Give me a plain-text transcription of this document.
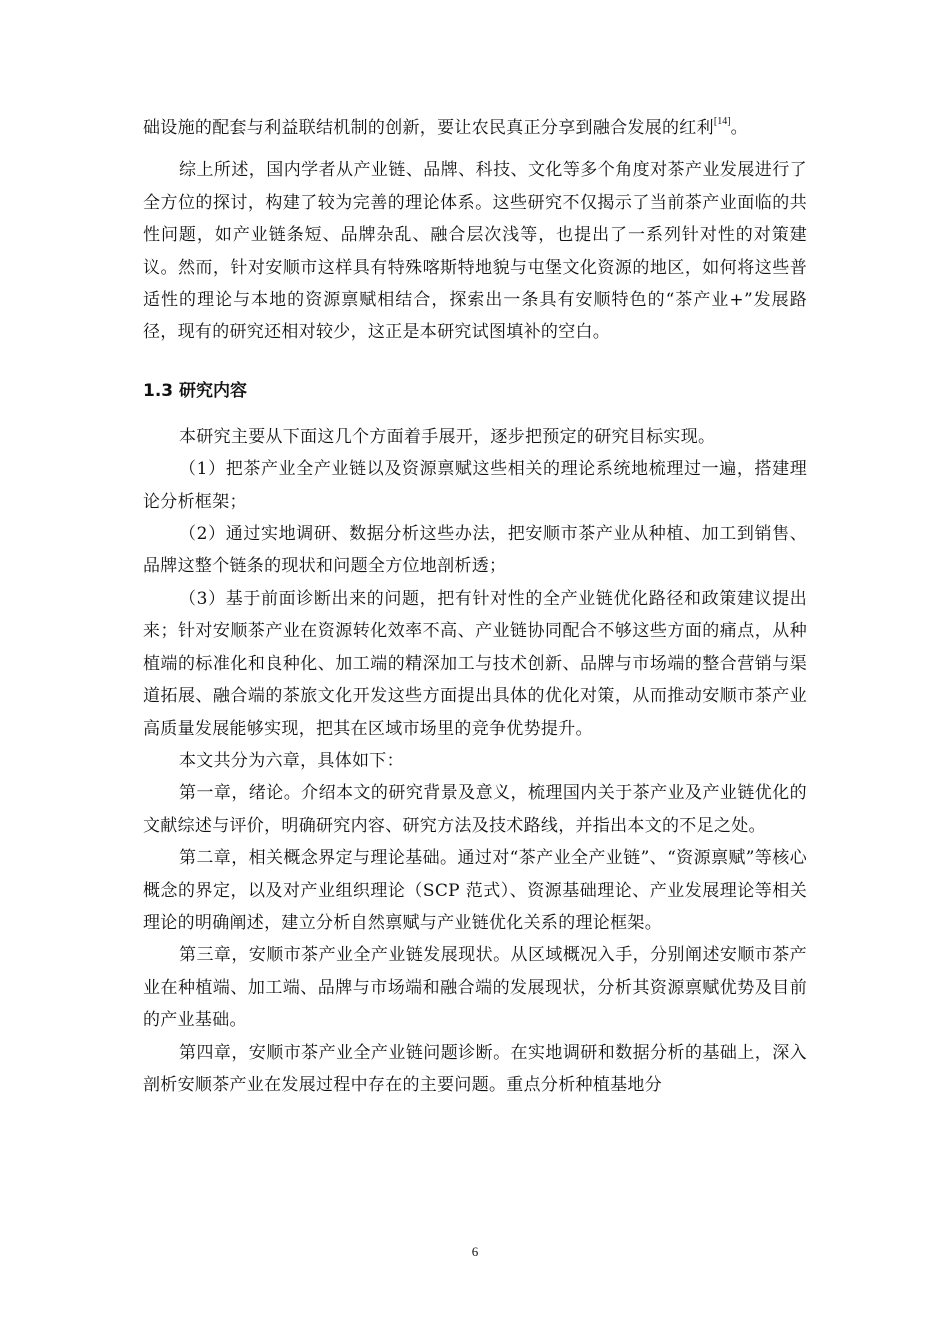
础设施的配套与利益联结机制的创新，要让农民真正分享到融合发展的红利[14]。

综上所述，国内学者从产业链、品牌、科技、文化等多个角度对茶产业发展进行了全方位的探讨，构建了较为完善的理论体系。这些研究不仅揭示了当前茶产业面临的共性问题，如产业链条短、品牌杂乱、融合层次浅等，也提出了一系列针对性的对策建议。然而，针对安顺市这样具有特殊喀斯特地貌与屯堡文化资源的地区，如何将这些普适性的理论与本地的资源禀赋相结合，探索出一条具有安顺特色的“茶产业+”发展路径，现有的研究还相对较少，这正是本研究试图填补的空白。

1.3 研究内容

本研究主要从下面这几个方面着手展开，逐步把预定的研究目标实现。

（1）把茶产业全产业链以及资源禀赋这些相关的理论系统地梳理过一遍，搭建理论分析框架；

（2）通过实地调研、数据分析这些办法，把安顺市茶产业从种植、加工到销售、品牌这整个链条的现状和问题全方位地剖析透；

（3）基于前面诊断出来的问题，把有针对性的全产业链优化路径和政策建议提出来；针对安顺茶产业在资源转化效率不高、产业链协同配合不够这些方面的痛点，从种植端的标准化和良种化、加工端的精深加工与技术创新、品牌与市场端的整合营销与渠道拓展、融合端的茶旅文化开发这些方面提出具体的优化对策，从而推动安顺市茶产业高质量发展能够实现，把其在区域市场里的竞争优势提升。

本文共分为六章，具体如下：

第一章，绪论。介绍本文的研究背景及意义，梳理国内关于茶产业及产业链优化的文献综述与评价，明确研究内容、研究方法及技术路线，并指出本文的不足之处。

第二章，相关概念界定与理论基础。通过对“茶产业全产业链”、“资源禀赋”等核心概念的界定，以及对产业组织理论（SCP 范式）、资源基础理论、产业发展理论等相关理论的明确阐述，建立分析自然禀赋与产业链优化关系的理论框架。

第三章，安顺市茶产业全产业链发展现状。从区域概况入手，分别阐述安顺市茶产业在种植端、加工端、品牌与市场端和融合端的发展现状，分析其资源禀赋优势及目前的产业基础。

第四章，安顺市茶产业全产业链问题诊断。在实地调研和数据分析的基础上，深入剖析安顺茶产业在发展过程中存在的主要问题。重点分析种植基地分

6
